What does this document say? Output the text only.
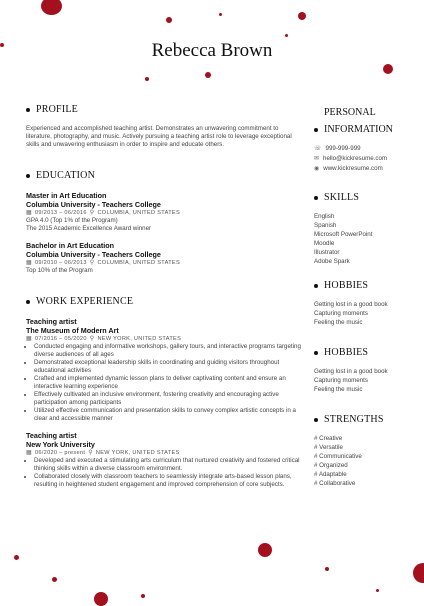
Rebecca Brown
PROFILE
Experienced and accomplished teaching artist. Demonstrates an unwavering commitment to literature, photography, and music. Actively pursuing a teaching artist role to leverage exceptional skills and unwavering enthusiasm in order to inspire and educate others.
EDUCATION
Master in Art Education
Columbia University - Teachers College
▦ 09/2013 – 06/2016 ⚲ COLUMBIA, UNITED STATES
GPA 4.0 (Top 1% of the Program)
The 2015 Academic Excellence Award winner
Bachelor in Art Education
Columbia University - Teachers College
▦ 09/2010 – 06/2013 ⚲ COLUMBIA, UNITED STATES
Top 10% of the Program
WORK EXPERIENCE
Teaching artist
The Museum of Modern Art
▦ 07/2016 – 05/2020 ⚲ NEW YORK, UNITED STATES
• Conducted engaging and informative workshops, gallery tours, and interactive programs targeting diverse audiences of all ages
• Demonstrated exceptional leadership skills in coordinating and guiding visitors throughout educational activities
• Crafted and implemented dynamic lesson plans to deliver captivating content and ensure an interactive learning experience
• Effectively cultivated an inclusive environment, fostering creativity and encouraging active participation among participants
• Utilized effective communication and presentation skills to convey complex artistic concepts in a clear and accessible manner
Teaching artist
New York University
▦ 06/2020 – present ⚲ NEW YORK, UNITED STATES
• Developed and executed a stimulating arts curriculum that nurtured creativity and fostered critical thinking skills within a diverse classroom environment.
• Collaborated closely with classroom teachers to seamlessly integrate arts-based lesson plans, resulting in heightened student engagement and improved comprehension of core subjects.
PERSONAL
INFORMATION
☏ 999-999-999
✉ hello@kickresume.com
◉ www.kickresume.com
SKILLS
English
Spanish
Microsoft PowerPoint
Moodle
Illustrator
Adobe Spark
HOBBIES
Getting lost in a good book
Capturing moments
Feeling the music
HOBBIES
Getting lost in a good book
Capturing moments
Feeling the music
STRENGTHS
# Creative
# Versatile
# Communicative
# Organized
# Adaptable
# Collaborative
